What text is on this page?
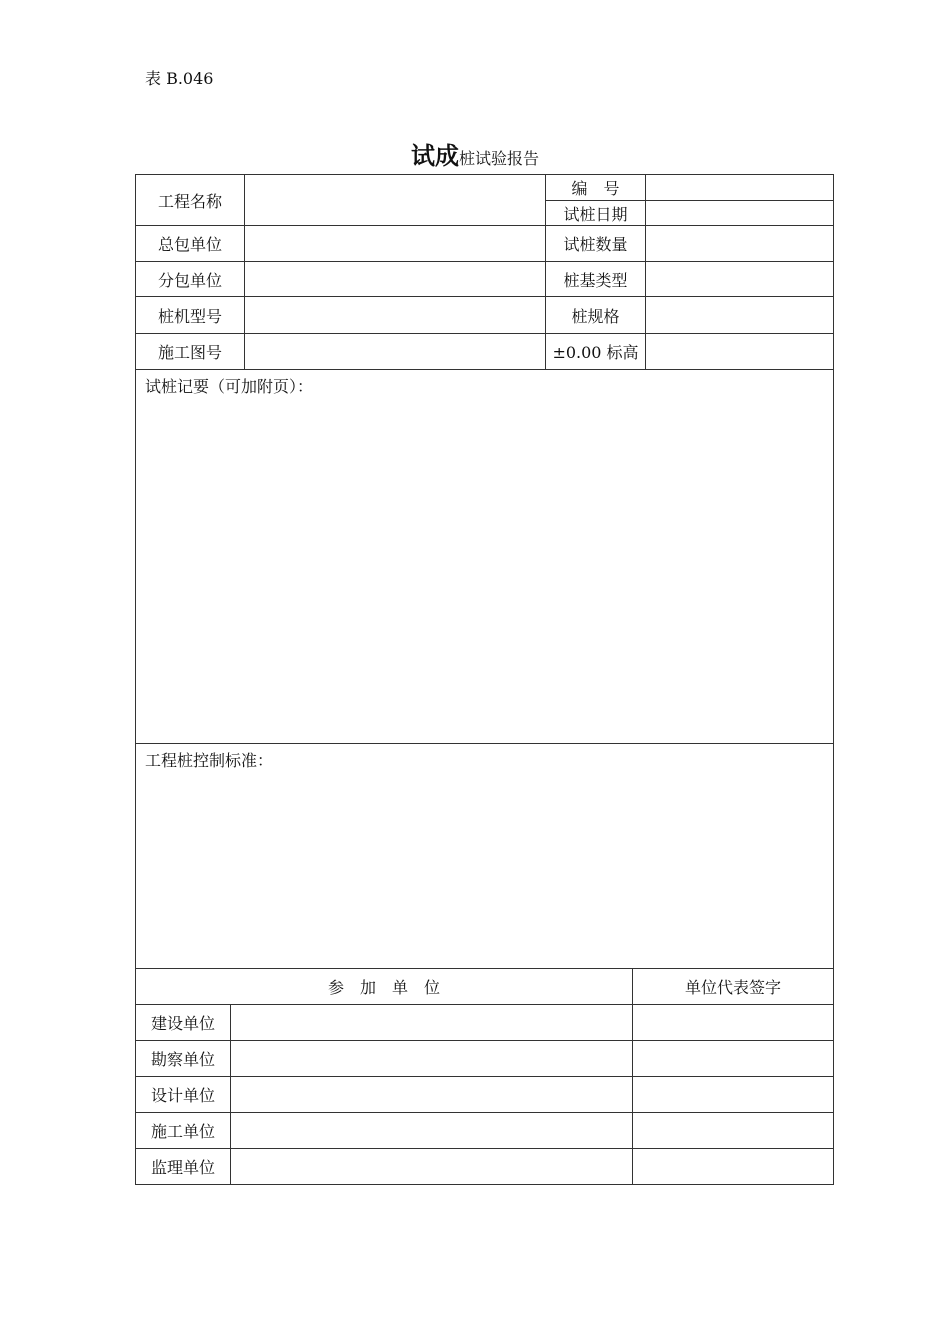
表 B.046
试成桩试验报告
工程名称		编　号	
		试桩日期	
总包单位		试桩数量	
分包单位		桩基类型	
桩机型号		桩规格	
施工图号		±0.00 标高	
试桩记要（可加附页）：			
工程桩控制标准：			
参　加　单　位		单位代表签字
建设单位		
勘察单位		
设计单位		
施工单位		
监理单位		
